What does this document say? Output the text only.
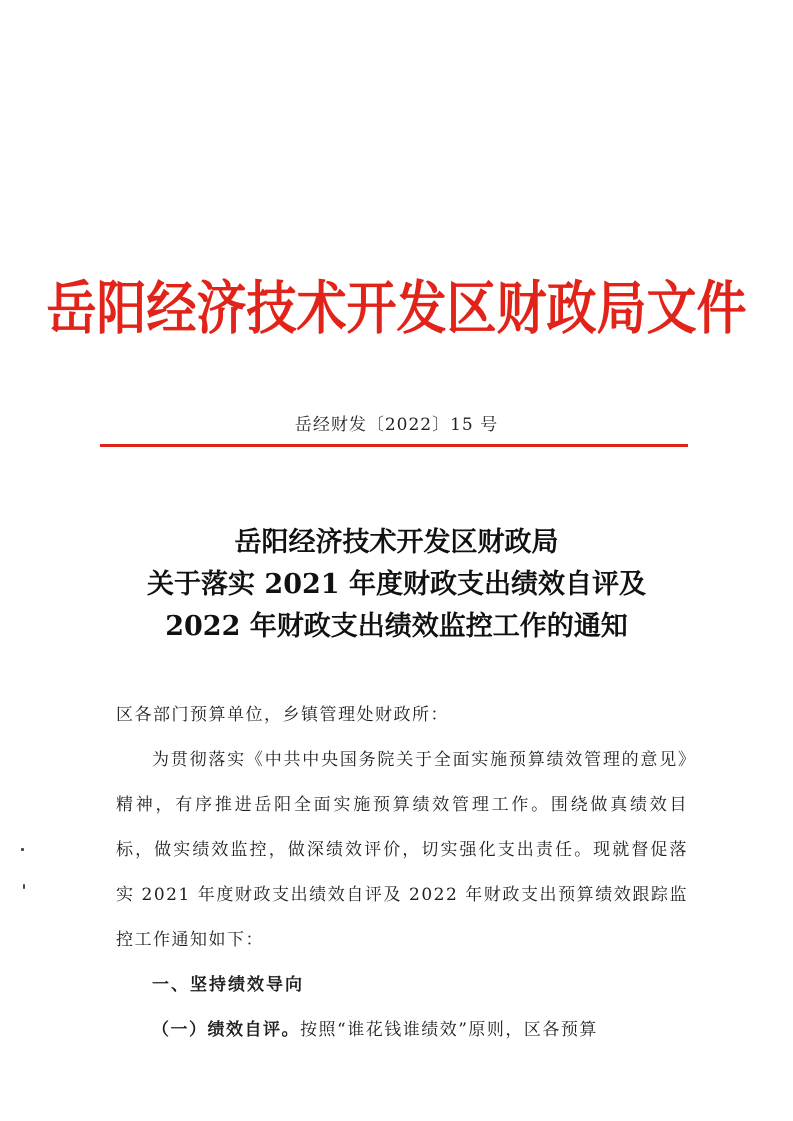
岳阳经济技术开发区财政局文件
岳经财发〔2022〕15 号
岳阳经济技术开发区财政局
关于落实 2021 年度财政支出绩效自评及
2022 年财政支出绩效监控工作的通知
区各部门预算单位，乡镇管理处财政所：
为贯彻落实《中共中央国务院关于全面实施预算绩效管理的意见》精神，有序推进岳阳全面实施预算绩效管理工作。围绕做真绩效目标，做实绩效监控，做深绩效评价，切实强化支出责任。现就督促落实 2021 年度财政支出绩效自评及 2022 年财政支出预算绩效跟踪监控工作通知如下：
一、坚持绩效导向
（一）绩效自评。按照“谁花钱谁绩效”原则，区各预算
